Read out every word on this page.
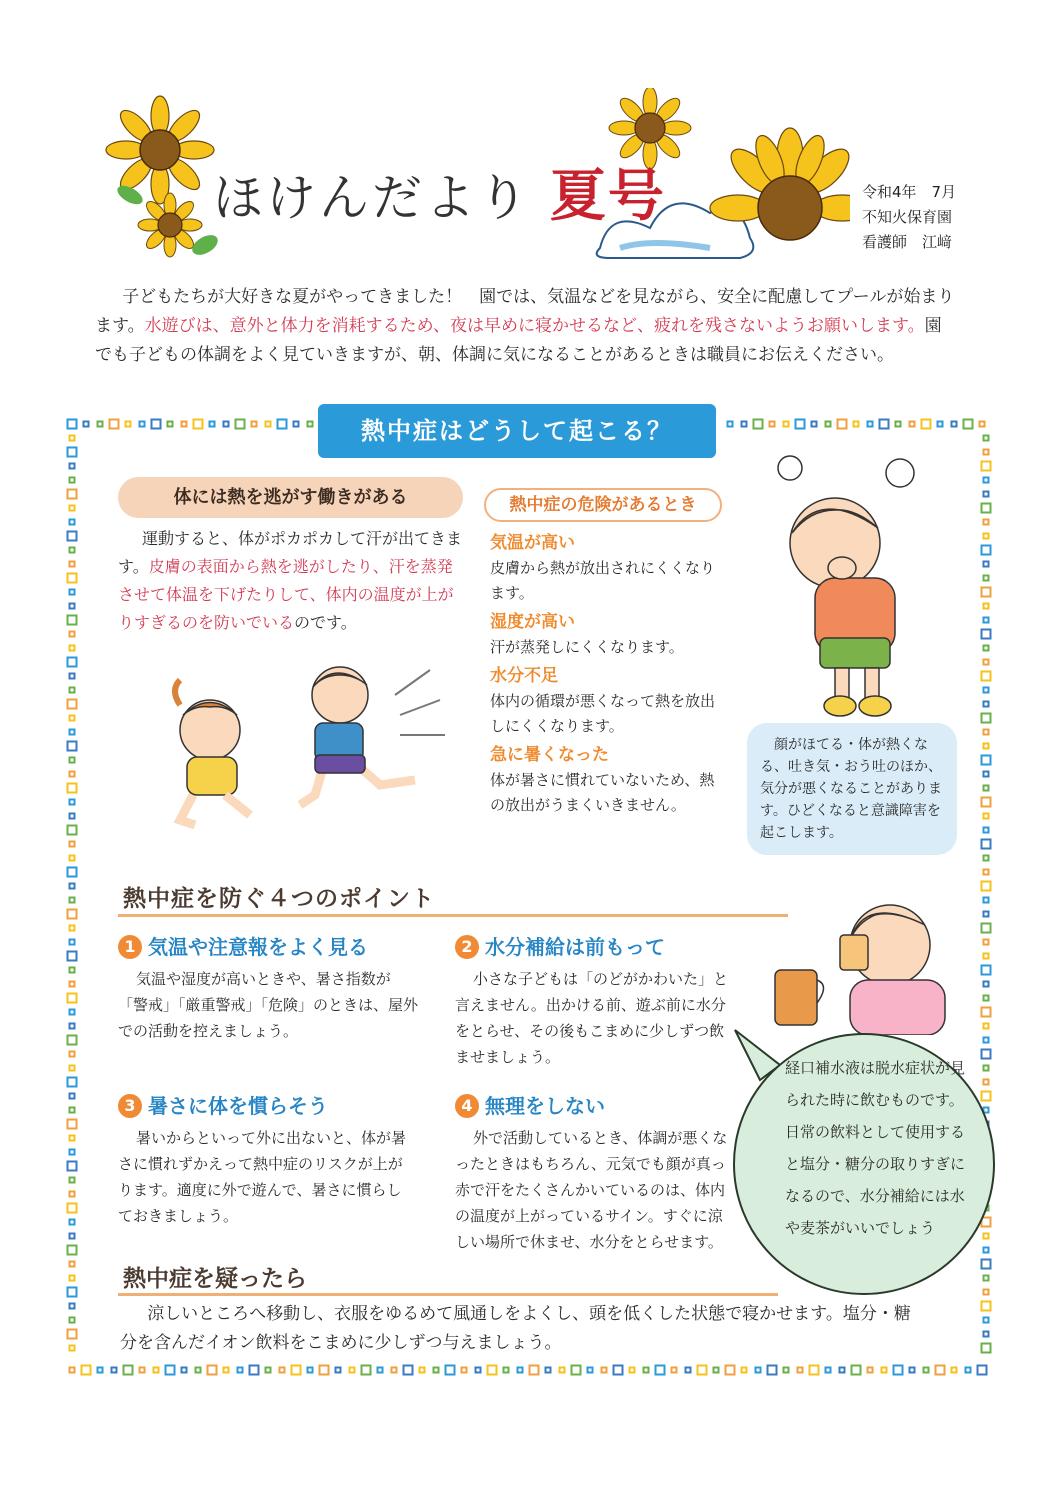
ほけんだより 夏号	令和4年　7月
不知火保育園
看護師　江﨑
子どもたちが大好きな夏がやってきました！　園では、気温などを見ながら、安全に配慮してプールが始まります。水遊びは、意外と体力を消耗するため、夜は早めに寝かせるなど、疲れを残さないようお願いします。園でも子どもの体調をよく見ていきますが、朝、体調に気になることがあるときは職員にお伝えください。
熱中症はどうして起こる？
体には熱を逃がす働きがある
運動すると、体がポカポカして汗が出てきます。皮膚の表面から熱を逃がしたり、汗を蒸発させて体温を下げたりして、体内の温度が上がりすぎるのを防いでいるのです。
熱中症の危険があるとき
気温が高い
皮膚から熱が放出されにくくなります。
湿度が高い
汗が蒸発しにくくなります。
水分不足
体内の循環が悪くなって熱を放出しにくくなります。
急に暑くなった
体が暑さに慣れていないため、熱の放出がうまくいきません。
顔がほてる・体が熱くなる、吐き気・おう吐のほか、気分が悪くなることがあります。ひどくなると意識障害を起こします。
熱中症を防ぐ４つのポイント
1 気温や注意報をよく見る
気温や湿度が高いときや、暑さ指数が「警戒」「厳重警戒」「危険」のときは、屋外での活動を控えましょう。
2 水分補給は前もって
小さな子どもは「のどがかわいた」と言えません。出かける前、遊ぶ前に水分をとらせ、その後もこまめに少しずつ飲ませましょう。
3 暑さに体を慣らそう
暑いからといって外に出ないと、体が暑さに慣れずかえって熱中症のリスクが上がります。適度に外で遊んで、暑さに慣らしておきましょう。
4 無理をしない
外で活動しているとき、体調が悪くなったときはもちろん、元気でも顔が真っ赤で汗をたくさんかいているのは、体内の温度が上がっているサイン。すぐに涼しい場所で休ませ、水分をとらせます。
経口補水液は脱水症状が見られた時に飲むものです。日常の飲料として使用すると塩分・糖分の取りすぎになるので、水分補給には水や麦茶がいいでしょう
熱中症を疑ったら
涼しいところへ移動し、衣服をゆるめて風通しをよくし、頭を低くした状態で寝かせます。塩分・糖分を含んだイオン飲料をこまめに少しずつ与えましょう。
